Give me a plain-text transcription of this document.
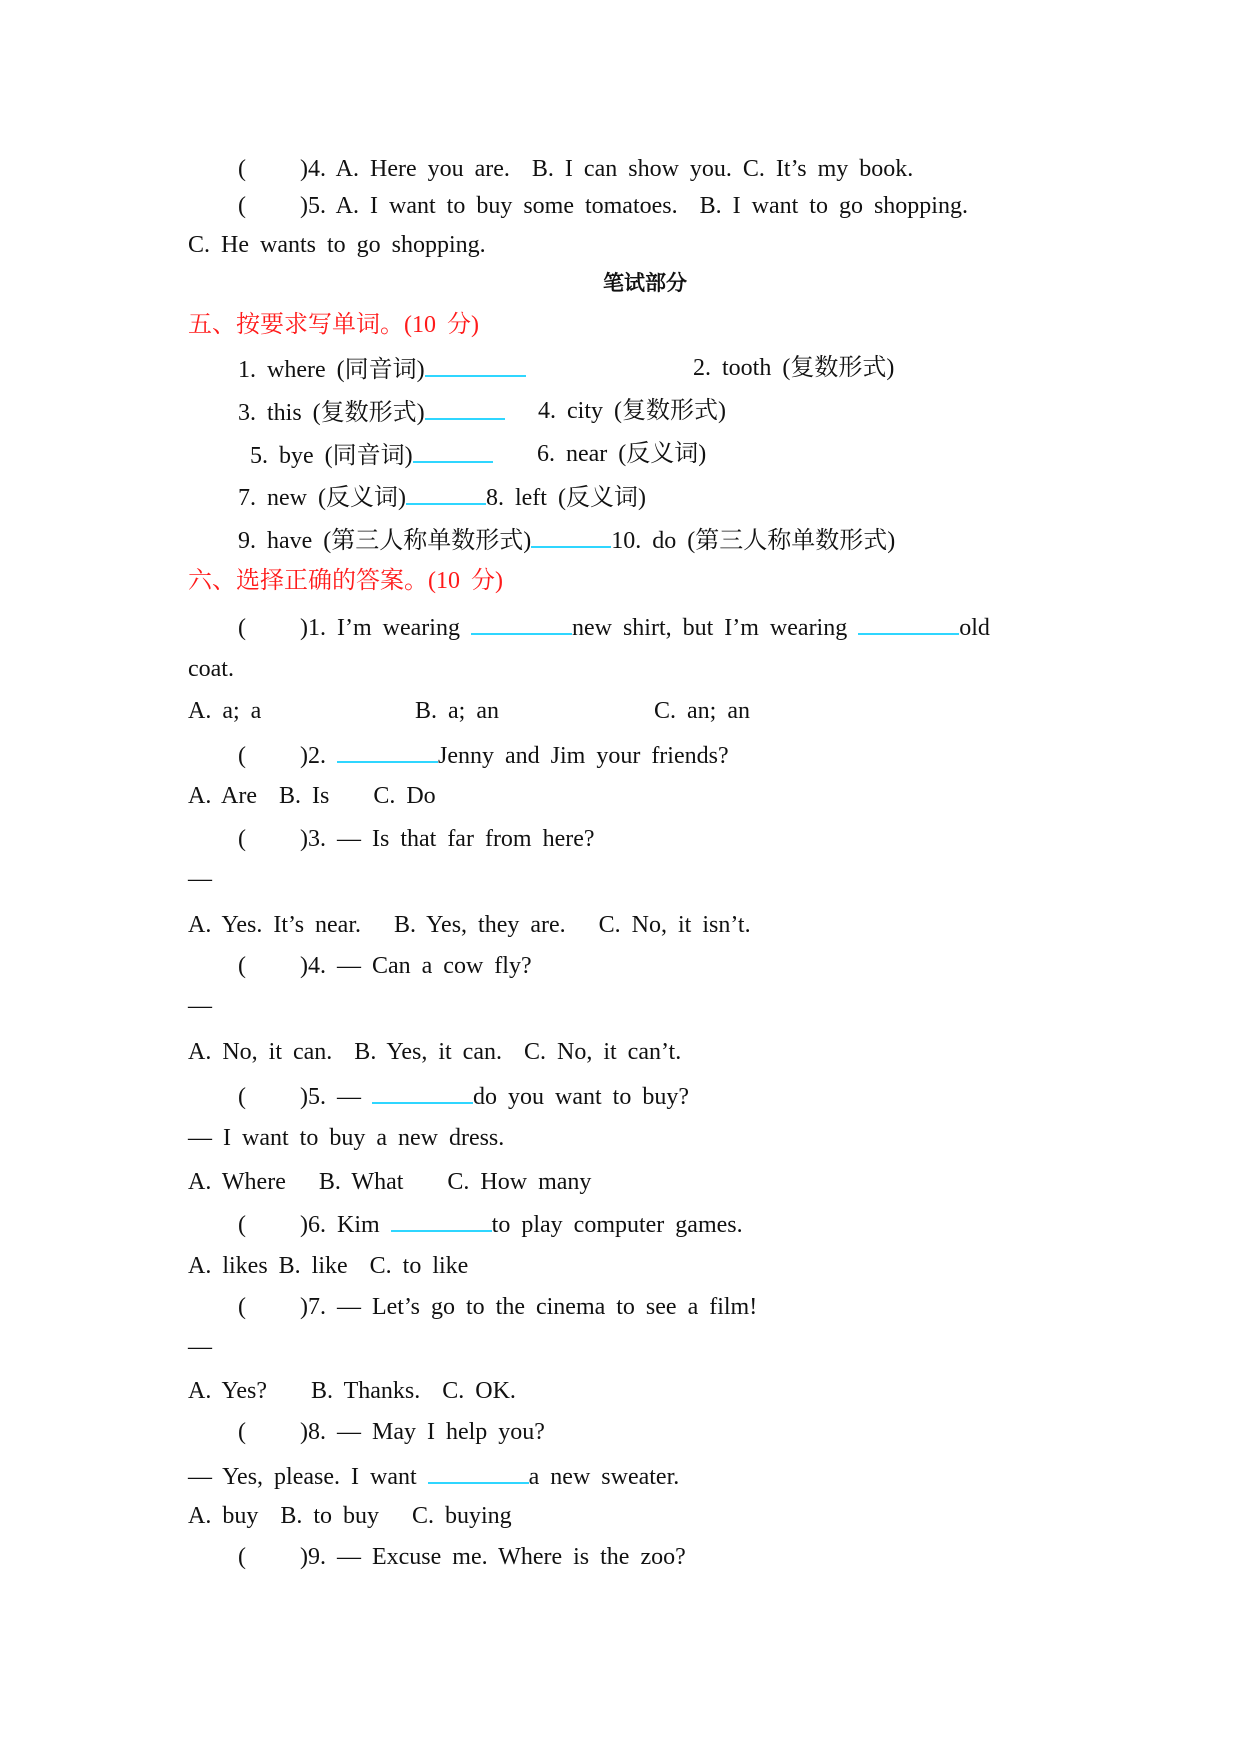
( )4. A. Here you are.  B. I can show you. C. It’s my book.
( )5. A. I want to buy some tomatoes.  B. I want to go shopping.
C. He wants to go shopping.
笔试部分
五、按要求写单词。(10 分)
1. where (同音词)	2. tooth (复数形式)
3. this (复数形式)	4. city (复数形式)
5. bye (同音词)	6. near (反义词)
7. new (反义词)	8. left (反义词)
9. have (第三人称单数形式)	10. do (第三人称单数形式)
六、选择正确的答案。(10 分)
( )1. I’m wearing	new shirt, but I’m wearing	old
coat.
A. a; a	B. a; an	C. an; an
( )2.	Jenny and Jim your friends?
A. Are  B. Is    C. Do
( )3. — Is that far from here?
—
A. Yes. It’s near.   B. Yes, they are.   C. No, it isn’t.
( )4. — Can a cow fly?
—
A. No, it can.  B. Yes, it can.  C. No, it can’t.
( )5. —	do you want to buy?
— I want to buy a new dress.
A. Where   B. What    C. How many
( )6. Kim	to play computer games.
A. likes B. like  C. to like
( )7. — Let’s go to the cinema to see a film!
—
A. Yes?    B. Thanks.  C. OK.
( )8. — May I help you?
— Yes, please. I want	a new sweater.
A. buy  B. to buy   C. buying
( )9. — Excuse me. Where is the zoo?
